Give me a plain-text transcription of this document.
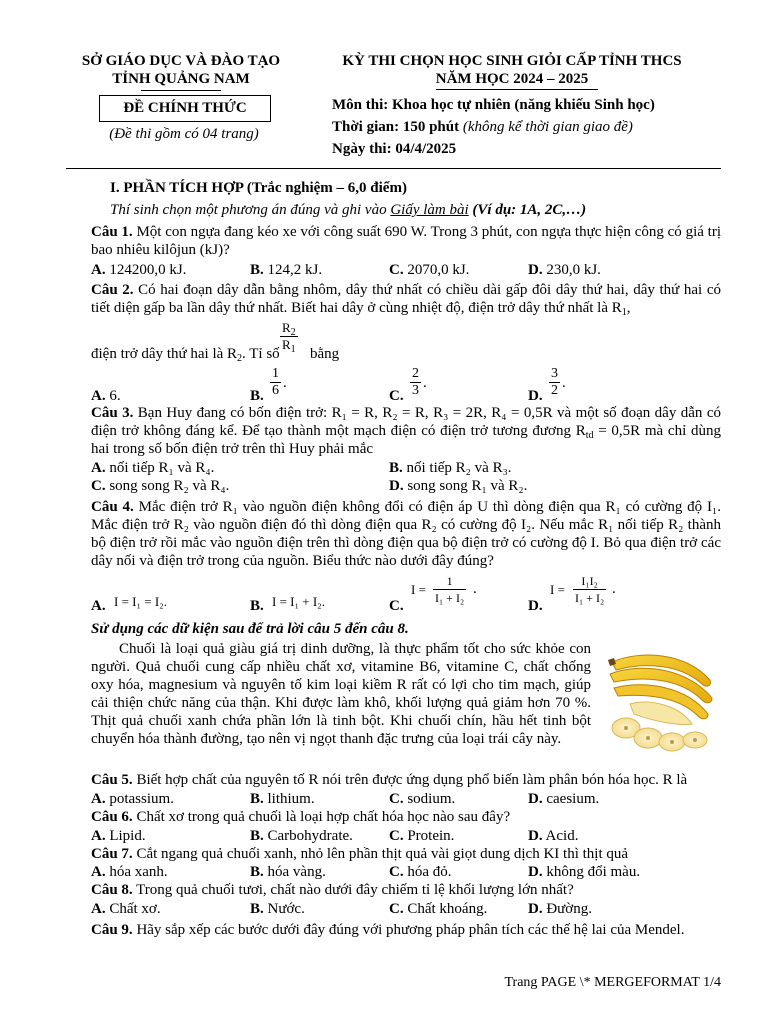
SỞ GIÁO DỤC VÀ ĐÀO TẠO
TỈNH QUẢNG NAM
ĐỀ CHÍNH THỨC
(Đề thi gồm có 04 trang)
KỲ THI CHỌN HỌC SINH GIỎI CẤP TỈNH THCS
NĂM HỌC 2024 – 2025
Môn thi: Khoa học tự nhiên (năng khiếu Sinh học)
Thời gian: 150 phút (không kể thời gian giao đề)
Ngày thi: 04/4/2025
I. PHẦN TÍCH HỢP (Trắc nghiệm – 6,0 điểm)
Thí sinh chọn một phương án đúng và ghi vào Giấy làm bài (Ví dụ: 1A, 2C,…)
Câu 1. Một con ngựa đang kéo xe với công suất 690 W. Trong 3 phút, con ngựa thực hiện công có giá trị bao nhiêu kilôjun (kJ)?
A. 124200,0 kJ.	B. 124,2 kJ.	C. 2070,0 kJ.	D. 230,0 kJ.
Câu 2. Có hai đoạn dây dẫn bằng nhôm, dây thứ nhất có chiều dài gấp đôi dây thứ hai, dây thứ hai có tiết diện gấp ba lần dây thứ nhất. Biết hai dây ở cùng nhiệt độ, điện trở dây thứ nhất là $R_1$,
điện trở dây thứ hai là $R_2$. Tỉ số
$\frac{R_2}{R_1}$
bằng
A. 6.	B. $\frac{1}{6}$ .
C. $\frac{2}{3}$ .
D. $\frac{3}{2}$ .
Câu 3. Bạn Huy đang có bốn điện trở: R₁ = R, R₂ = R, R₃ = 2R, R₄ = 0,5R và một số đoạn dây dẫn có điện trở không đáng kể. Để tạo thành một mạch điện có điện trở tương đương $R_{td} = 0,5R$ mà chỉ dùng hai trong số bốn điện trở trên thì Huy phải mắc
A. nối tiếp R₁ và R₄.	B. nối tiếp R₂ và R₃.
C. song song R₂ và R₄.	D. song song R₁ và R₂.
Câu 4. Mắc điện trở R₁ vào nguồn điện không đổi có điện áp U thì dòng điện qua R₁ có cường độ I₁. Mắc điện trở R₂ vào nguồn điện đó thì dòng điện qua R₂ có cường độ I₂. Nếu mắc R₁ nối tiếp R₂ thành bộ điện trở rồi mắc vào nguồn điện trên thì dòng điện qua bộ điện trở có cường độ I. Bỏ qua điện trở các dây nối và điện trở trong của nguồn. Biểu thức nào dưới đây đúng?
A. I = I₁ = I₂.	B. I = I₁ + I₂.	C.
$I = \frac{1}{\text{I₁ + I₂}}$ .
D.
$I = \frac{\text{I₁I₂}}{\text{I₁ + I₂}}$ .
Sử dụng các dữ kiện sau để trả lời câu 5 đến câu 8.
Chuối là loại quả giàu giá trị dinh dưỡng, là thực phẩm tốt cho sức khỏe con người. Quả chuối cung cấp nhiều chất xơ, vitamine B6, vitamine C, chất chống oxy hóa, magnesium và nguyên tố kim loại kiềm R rất có lợi cho tim mạch, giúp cải thiện chức năng của thận. Khi được làm khô, khối lượng quả giảm hơn 70 %. Thịt quả chuối xanh chứa phần lớn là tinh bột. Khi chuối chín, hầu hết tinh bột chuyển hóa thành đường, tạo nên vị ngọt thanh đặc trưng của loại trái cây này.
Câu 5. Biết hợp chất của nguyên tố R nói trên được ứng dụng phổ biến làm phân bón hóa học. R là
A. potassium.	B. lithium.	C. sodium.	D. caesium.
Câu 6. Chất xơ trong quả chuối là loại hợp chất hóa học nào sau đây?
A. Lipid.	B. Carbohydrate. C. Protein.	D. Acid.
Câu 7. Cắt ngang quả chuối xanh, nhỏ lên phần thịt quả vài giọt dung dịch KI thì thịt quả
A. hóa xanh.	B. hóa vàng.	C. hóa đỏ.	D. không đổi màu.
Câu 8. Trong quả chuối tươi, chất nào dưới đây chiếm tỉ lệ khối lượng lớn nhất?
A. Chất xơ.	B. Nước.	C. Chất khoáng.	D. Đường.
Câu 9. Hãy sắp xếp các bước dưới đây đúng với phương pháp phân tích các thế hệ lai của Mendel.
Trang PAGE \* MERGEFORMAT 1/4
